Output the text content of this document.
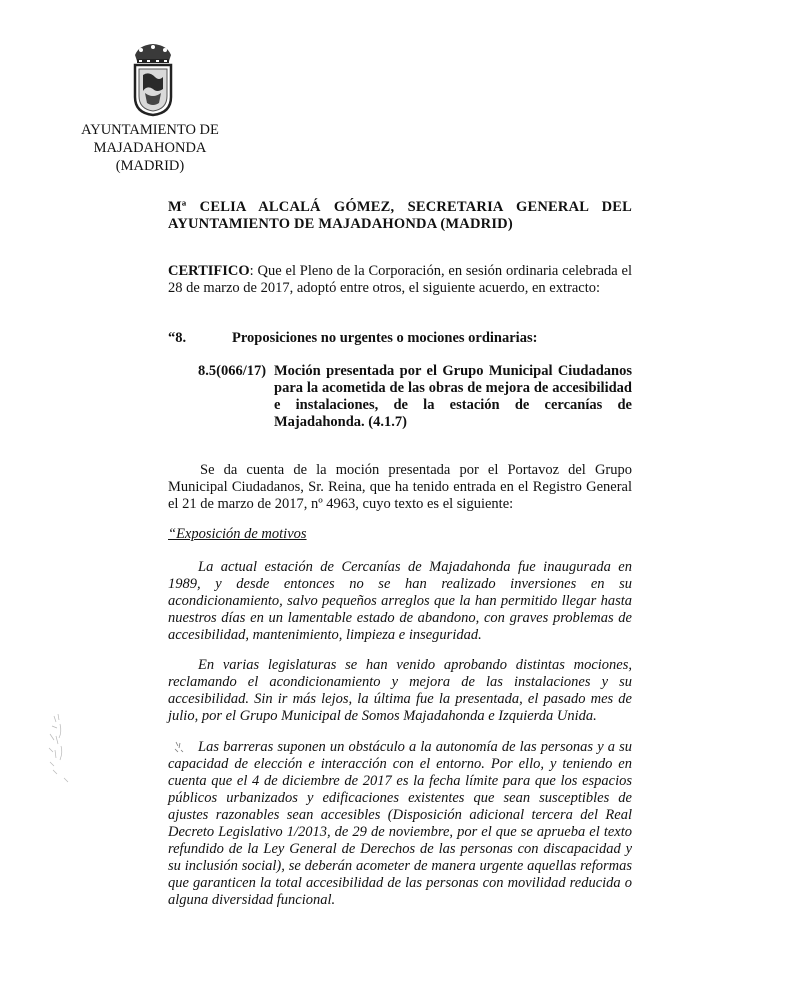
AYUNTAMIENTO DE
MAJADAHONDA
(MADRID)
Mª CELIA ALCALÁ GÓMEZ, SECRETARIA GENERAL DEL
AYUNTAMIENTO DE MAJADAHONDA (MADRID)
CERTIFICO: Que el Pleno de la Corporación, en sesión ordinaria celebrada el 28 de marzo de 2017, adoptó entre otros, el siguiente acuerdo, en extracto:
“8.	Proposiciones no urgentes o mociones ordinarias:
8.5(066/17) Moción presentada por el Grupo Municipal Ciudadanos para la acometida de las obras de mejora de accesibilidad e instalaciones, de la estación de cercanías de Majadahonda. (4.1.7)

Se da cuenta de la moción presentada por el Portavoz del Grupo Municipal Ciudadanos, Sr. Reina, que ha tenido entrada en el Registro General el 21 de marzo de 2017, nº 4963, cuyo texto es el siguiente:

“Exposición de motivos

La actual estación de Cercanías de Majadahonda fue inaugurada en 1989, y desde entonces no se han realizado inversiones en su acondicionamiento, salvo pequeños arreglos que la han permitido llegar hasta nuestros días en un lamentable estado de abandono, con graves problemas de accesibilidad, mantenimiento, limpieza e inseguridad.

En varias legislaturas se han venido aprobando distintas mociones, reclamando el acondicionamiento y mejora de las instalaciones y su accesibilidad. Sin ir más lejos, la última fue la presentada, el pasado mes de julio, por el Grupo Municipal de Somos Majadahonda e Izquierda Unida.

Las barreras suponen un obstáculo a la autonomía de las personas y a su capacidad de elección e interacción con el entorno. Por ello, y teniendo en cuenta que el 4 de diciembre de 2017 es la fecha límite para que los espacios públicos urbanizados y edificaciones existentes que sean susceptibles de ajustes razonables sean accesibles (Disposición adicional tercera del Real Decreto Legislativo 1/2013, de 29 de noviembre, por el que se aprueba el texto refundido de la Ley General de Derechos de las personas con discapacidad y su inclusión social), se deberán acometer de manera urgente aquellas reformas que garanticen la total accesibilidad de las personas con movilidad reducida o alguna diversidad funcional.
